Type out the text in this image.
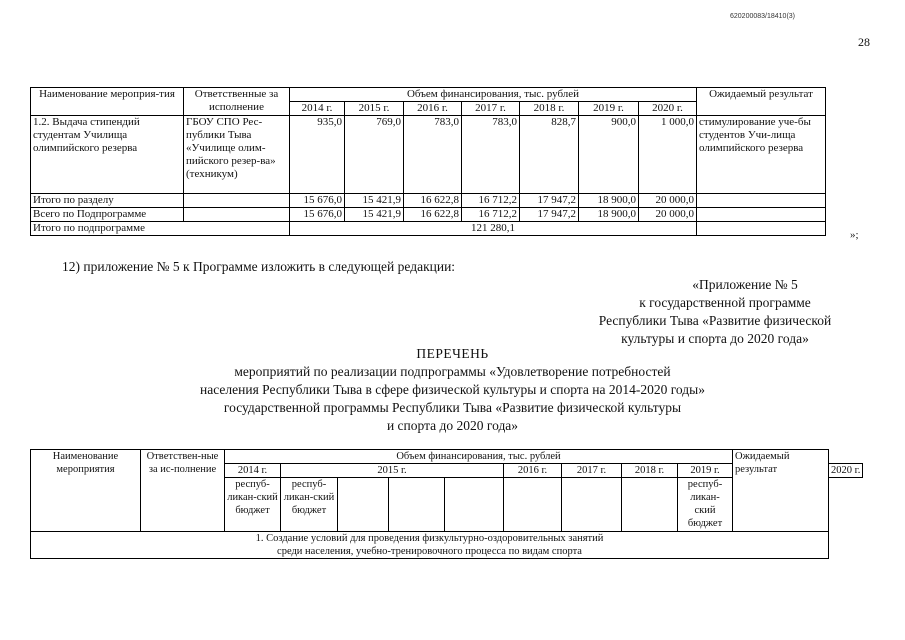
620200083/18410(3)
28
Наименование мероприя-тия	Ответственные за исполнение	Объем финансирования, тыс. рублей							Ожидаемый результат
		2014 г.	2015 г.	2016 г.	2017 г.	2018 г.	2019 г.	2020 г.	
1.2. Выдача стипендий студентам Училища олимпийского резерва	ГБОУ СПО Рес-публики Тыва «Училище олим-пийского резер-ва» (техникум)	935,0	769,0	783,0	783,0	828,7	900,0	1 000,0	стимулирование уче-бы студентов Учи-лища олимпийского резерва
Итого по разделу		15 676,0	15 421,9	16 622,8	16 712,2	17 947,2	18 900,0	20 000,0	
Всего по Подпрограмме		15 676,0	15 421,9	16 622,8	16 712,2	17 947,2	18 900,0	20 000,0	
Итого по подпрограмме		121 280,1							
»;
12) приложение № 5 к Программе изложить в следующей редакции:
«Приложение № 5
к государственной программе
Республики Тыва «Развитие физической
культуры и спорта до 2020 года»
ПЕРЕЧЕНЬ
мероприятий по реализации подпрограммы «Удовлетворение потребностей
населения Республики Тыва в сфере физической культуры и спорта на 2014-2020 годы»
государственной программы Республики Тыва «Развитие физической культуры
и спорта до 2020 года»
Наименование мероприятия	Ответствен-ные за ис-полнение	Объем финансирования, тыс. рублей									Ожидаемый результат	
		2014 г.	2015 г.				2016 г.	2017 г.	2018 г.	2019 г.		2020 г.
		респуб-ликан-ский бюджет	респуб-ликан-ский бюджет							респуб-ликан-ский бюджет		

1. Создание условий для проведения физкультурно-оздоровительных занятий
среди населения, учебно-тренировочного процесса по видам спорта												
